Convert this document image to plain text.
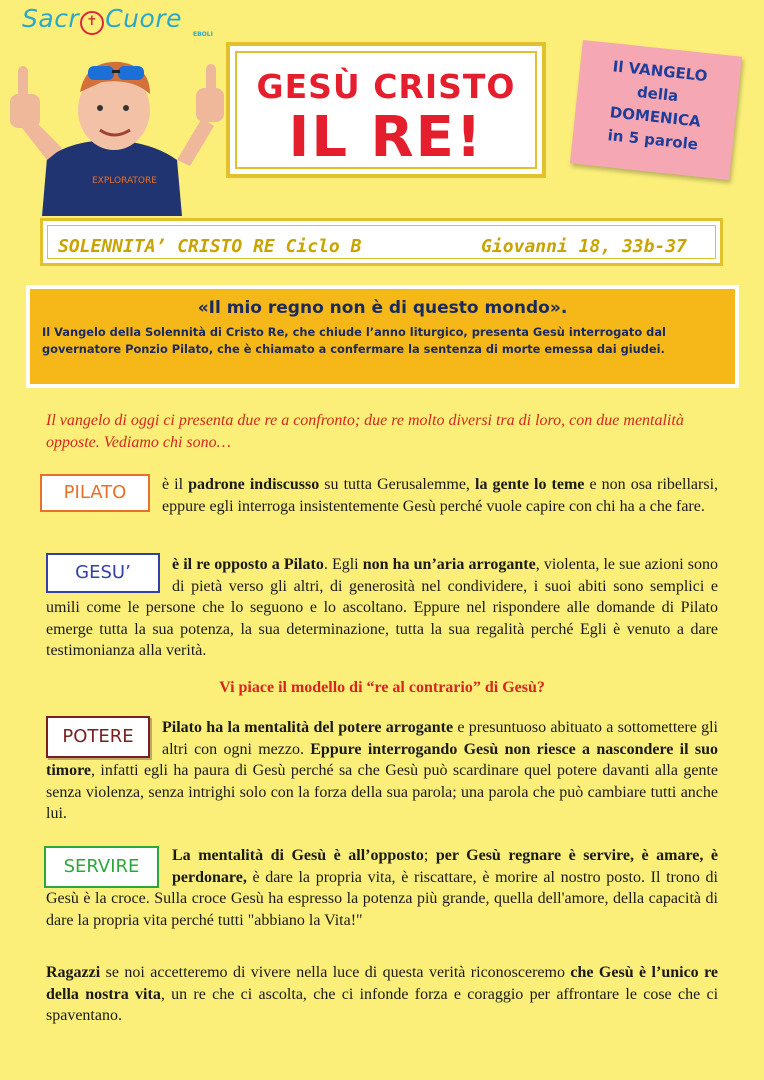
Sacr ✝ Cuore
EBOLI
EXPLORATORE
GESÙ CRISTO
IL RE!
Il VANGELO
della
DOMENICA
in 5 parole
SOLENNITA’ CRISTO RE Ciclo B	Giovanni 18, 33b-37
«Il mio regno non è di questo mondo».
Il Vangelo della Solennità di Cristo Re, che chiude l’anno liturgico, presenta Gesù interrogato dal governatore Ponzio Pilato, che è chiamato a confermare la sentenza di morte emessa dai giudei.
Il vangelo di oggi ci presenta due re a confronto; due re molto diversi tra di loro, con due mentalità opposte. Vediamo chi sono…
PILATO
GESU’
POTERE
SERVIRE
è il padrone indiscusso su tutta Gerusalemme, la gente lo teme e non osa ribellarsi, eppure egli interroga insistentemente Gesù perché vuole capire con chi ha a che fare.
è il re opposto a Pilato. Egli non ha un’aria arrogante, violenta, le sue azioni sono di pietà verso gli altri, di generosità nel condividere, i suoi abiti sono semplici e umili come le persone che lo seguono e lo ascoltano. Eppure nel rispondere alle domande di Pilato emerge tutta la sua potenza, la sua determinazione, tutta la sua regalità perché Egli è venuto a dare testimonianza alla verità.
Vi piace il modello di “re al contrario” di Gesù?
Pilato ha la mentalità del potere arrogante e presuntuoso abituato a sottomettere gli altri con ogni mezzo. Eppure interrogando Gesù non riesce a nascondere il suo timore, infatti egli ha paura di Gesù perché sa che Gesù può scardinare quel potere davanti alla gente senza violenza, senza intrighi solo con la forza della sua parola; una parola che può cambiare tutti anche lui.
La mentalità di Gesù è all’opposto; per Gesù regnare è servire, è amare, è perdonare, è dare la propria vita, è riscattare, è morire al nostro posto. Il trono di Gesù è la croce. Sulla croce Gesù ha espresso la potenza più grande, quella dell'amore, della capacità di dare la propria vita perché tutti "abbiano la Vita!"
Ragazzi se noi accetteremo di vivere nella luce di questa verità riconosceremo che Gesù è l’unico re della nostra vita, un re che ci ascolta, che ci infonde forza e coraggio per affrontare le cose che ci spaventano.
